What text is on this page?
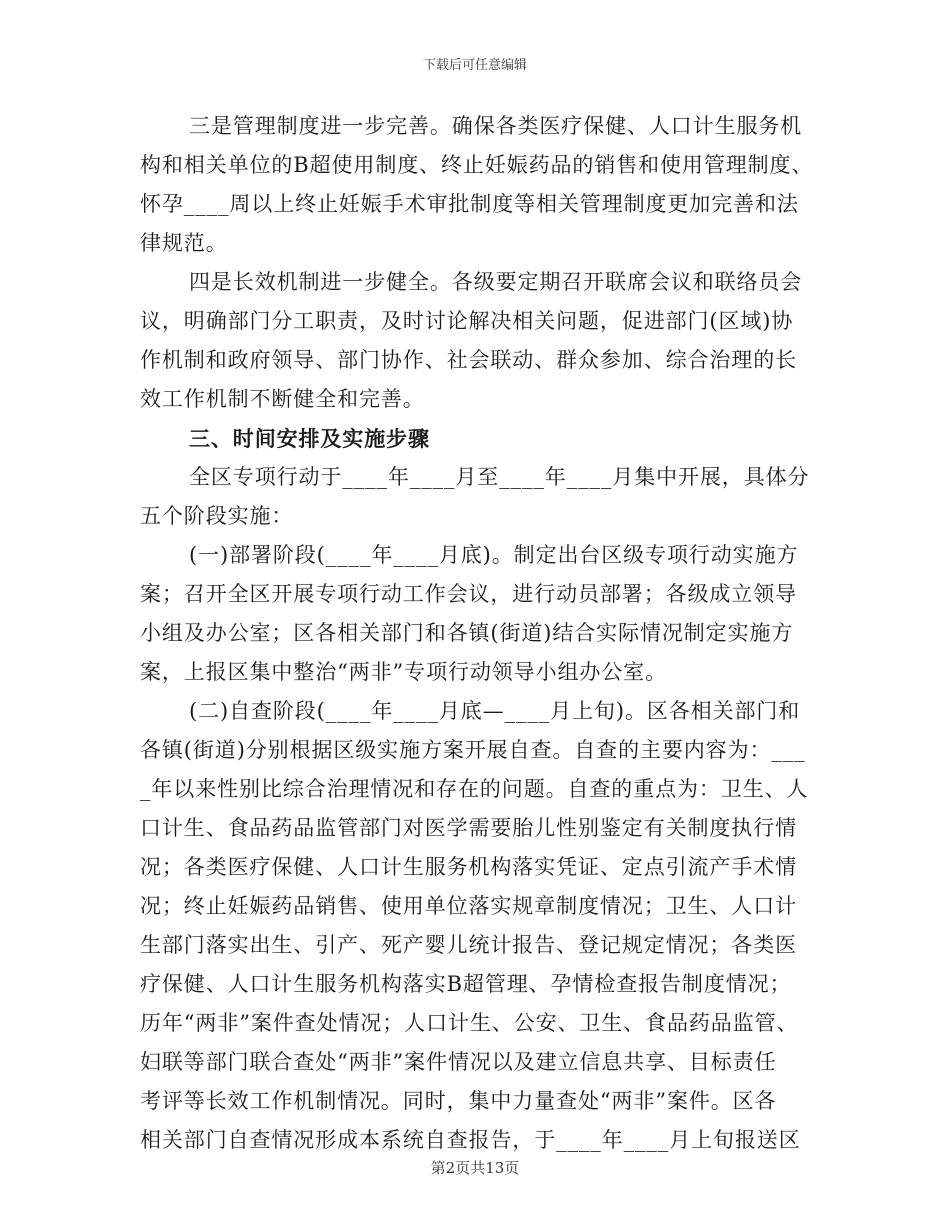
下载后可任意编辑
三是管理制度进一步完善。确保各类医疗保健、人口计生服务机
构和相关单位的B超使用制度、终止妊娠药品的销售和使用管理制度、
怀孕____周以上终止妊娠手术审批制度等相关管理制度更加完善和法
律规范。
四是长效机制进一步健全。各级要定期召开联席会议和联络员会
议，明确部门分工职责，及时讨论解决相关问题，促进部门(区域)协
作机制和政府领导、部门协作、社会联动、群众参加、综合治理的长
效工作机制不断健全和完善。
三、时间安排及实施步骤
全区专项行动于____年____月至____年____月集中开展，具体分
五个阶段实施：
(一)部署阶段(____年____月底)。制定出台区级专项行动实施方
案；召开全区开展专项行动工作会议，进行动员部署；各级成立领导
小组及办公室；区各相关部门和各镇(街道)结合实际情况制定实施方
案，上报区集中整治“两非”专项行动领导小组办公室。
(二)自查阶段(____年____月底—____月上旬)。区各相关部门和
各镇(街道)分别根据区级实施方案开展自查。自查的主要内容为：___
_年以来性别比综合治理情况和存在的问题。自查的重点为：卫生、人
口计生、食品药品监管部门对医学需要胎儿性别鉴定有关制度执行情
况；各类医疗保健、人口计生服务机构落实凭证、定点引流产手术情
况；终止妊娠药品销售、使用单位落实规章制度情况；卫生、人口计
生部门落实出生、引产、死产婴儿统计报告、登记规定情况；各类医
疗保健、人口计生服务机构落实B超管理、孕情检查报告制度情况；
历年“两非”案件查处情况；人口计生、公安、卫生、食品药品监管、
妇联等部门联合查处“两非”案件情况以及建立信息共享、目标责任
考评等长效工作机制情况。同时，集中力量查处“两非”案件。区各
相关部门自查情况形成本系统自查报告，于____年____月上旬报送区
第2页共13页
